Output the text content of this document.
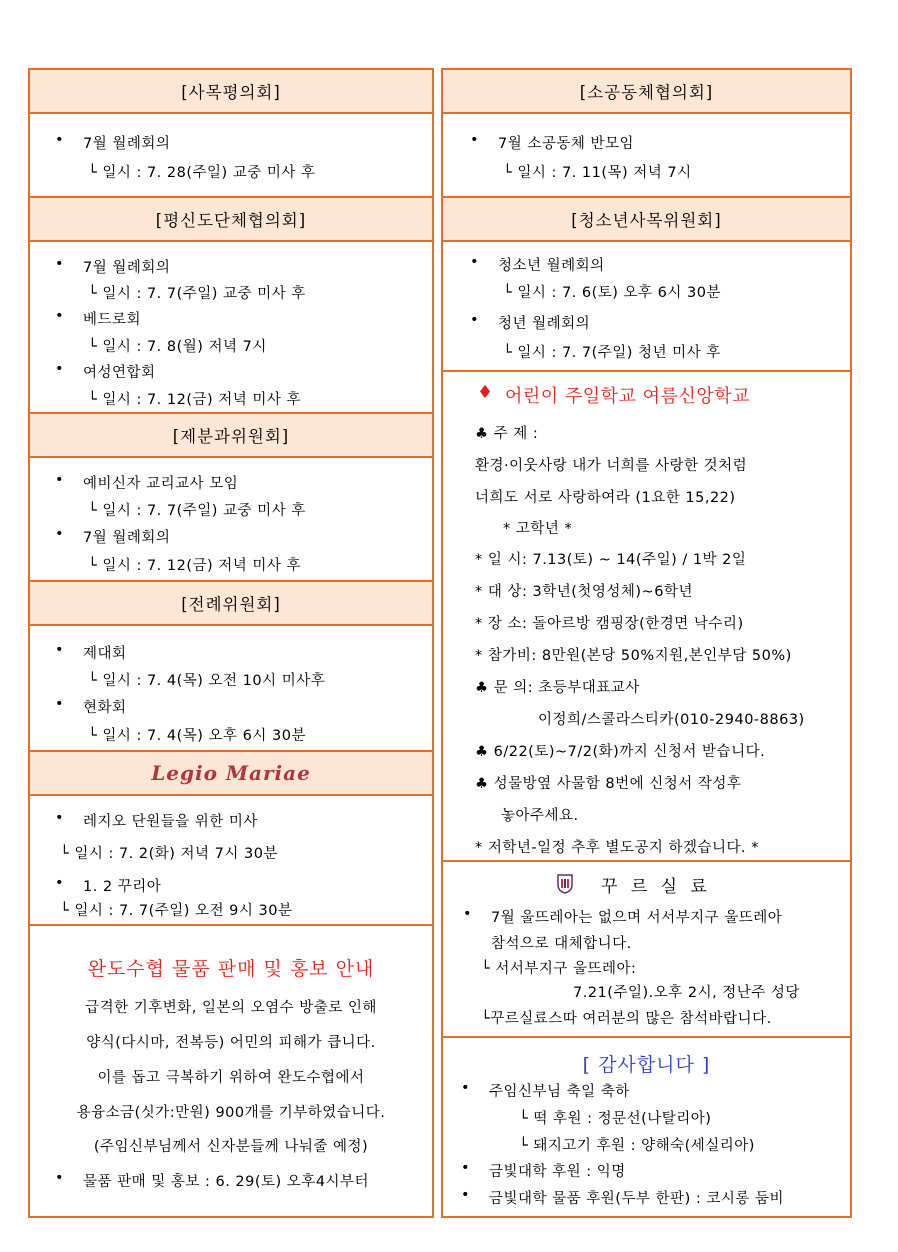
[사목평의회]
• 7월 월례회의
└ 일시 : 7. 28(주일) 교중 미사 후
[평신도단체협의회]
• 7월 월례회의
└ 일시 : 7. 7(주일) 교중 미사 후
• 베드로회
└ 일시 : 7. 8(월) 저녁 7시
• 여성연합회
└ 일시 : 7. 12(금) 저녁 미사 후
[제분과위원회]
• 예비신자 교리교사 모임
└ 일시 : 7. 7(주일) 교중 미사 후
• 7월 월례회의
└ 일시 : 7. 12(금) 저녁 미사 후
[전례위원회]
• 제대회
└ 일시 : 7. 4(목) 오전 10시 미사후
• 현화회
└ 일시 : 7. 4(목) 오후 6시 30분
Legio Mariae
• 레지오 단원들을 위한 미사
└ 일시 : 7. 2(화) 저녁 7시 30분
• 1. 2 꾸리아
└ 일시 : 7. 7(주일) 오전 9시 30분
완도수협 물품 판매 및 홍보 안내
급격한 기후변화, 일본의 오염수 방출로 인해
양식(다시마, 전복등) 어민의 피해가 큽니다.
이를 돕고 극복하기 위하여 완도수협에서
용융소금(싯가:만원) 900개를 기부하였습니다.
(주임신부님께서 신자분들께 나눠줄 예정)
• 물품 판매 및 홍보 : 6. 29(토) 오후4시부터
[소공동체협의회]
• 7월 소공동체 반모임
└ 일시 : 7. 11(목) 저녁 7시
[청소년사목위원회]
• 청소년 월례회의
└ 일시 : 7. 6(토) 오후 6시 30분
• 청년 월례회의
└ 일시 : 7. 7(주일) 청년 미사 후
♦ 어린이 주일학교 여름신앙학교
♣ 주 제 :
환경·이웃사랑 내가 너희를 사랑한 것처럼
너희도 서로 사랑하여라 (1요한 15,22)
* 고학년 *
* 일 시: 7.13(토) ~ 14(주일) / 1박 2일
* 대 상: 3학년(첫영성체)~6학년
* 장 소: 돌아르방 캠핑장(한경면 낙수리)
* 참가비: 8만원(본당 50%지원,본인부담 50%)
♣ 문 의: 초등부대표교사
이정희/스콜라스티카(010-2940-8863)
♣ 6/22(토)~7/2(화)까지 신청서 받습니다.
♣ 성물방옆 사물함 8번에 신청서 작성후
놓아주세요.
* 저학년-일정 추후 별도공지 하겠습니다. *
꾸 르 실 료
• 7월 울뜨레아는 없으며 서서부지구 울뜨레아
참석으로 대체합니다.
└ 서서부지구 울뜨레아:
7.21(주일).오후 2시, 정난주 성당
└꾸르실료스따 여러분의 많은 참석바랍니다.
[ 감사합니다 ]
• 주임신부님 축일 축하
└ 떡 후원 : 정문선(나탈리아)
└ 돼지고기 후원 : 양해숙(세실리아)
• 금빛대학 후원 : 익명
• 금빛대학 물품 후원(두부 한판) : 코시롱 둠비
